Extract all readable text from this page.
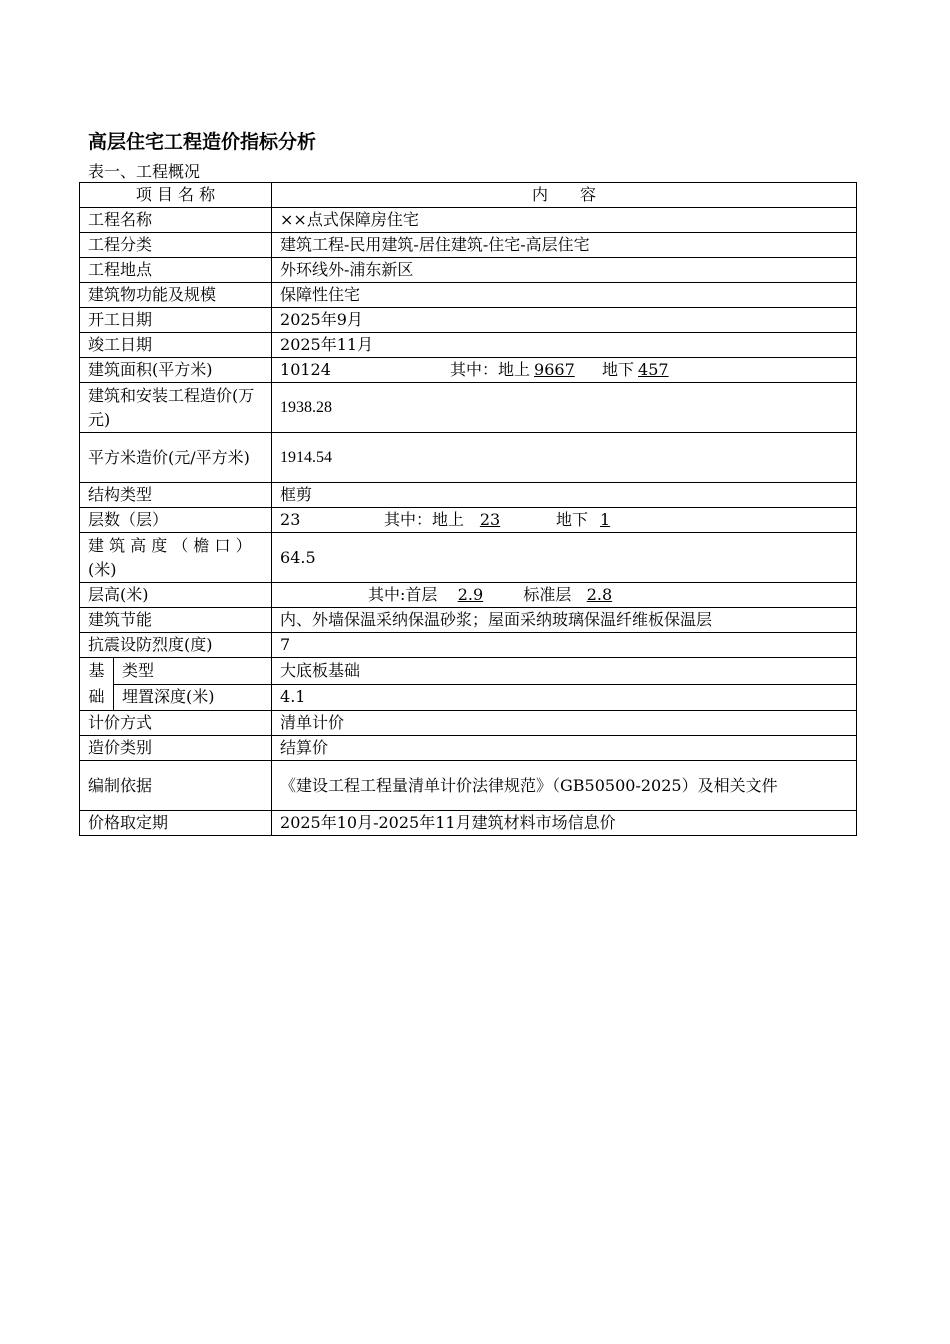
高层住宅工程造价指标分析
表一、工程概况
项 目 名 称		内　　容
工程名称		××点式保障房住宅
工程分类		建筑工程-民用建筑-居住建筑-住宅-高层住宅
工程地点		外环线外-浦东新区
建筑物功能及规模		保障性住宅
开工日期		2025年9月
竣工日期		2025年11月
建筑面积(平方米)		10124 其中：地上 9667 地下 457
建筑和安装工程造价(万元)		1938.28
平方米造价(元/平方米)		1914.54
结构类型		框剪
层数（层）		23 其中：地上 23 地下 1
建 筑 高 度 （ 檐 口 ）(米)		64.5
层高(米)		其中:首层 2.9 标准层 2.8
建筑节能		内、外墙保温采纳保温砂浆；屋面采纳玻璃保温纤维板保温层
抗震设防烈度(度)		7
基
础	类型	大底板基础
	埋置深度(米)	4.1
计价方式		清单计价
造价类别		结算价
编制依据		《建设工程工程量清单计价法律规范》（GB50500-2025）及相关文件
价格取定期		2025年10月-2025年11月建筑材料市场信息价
